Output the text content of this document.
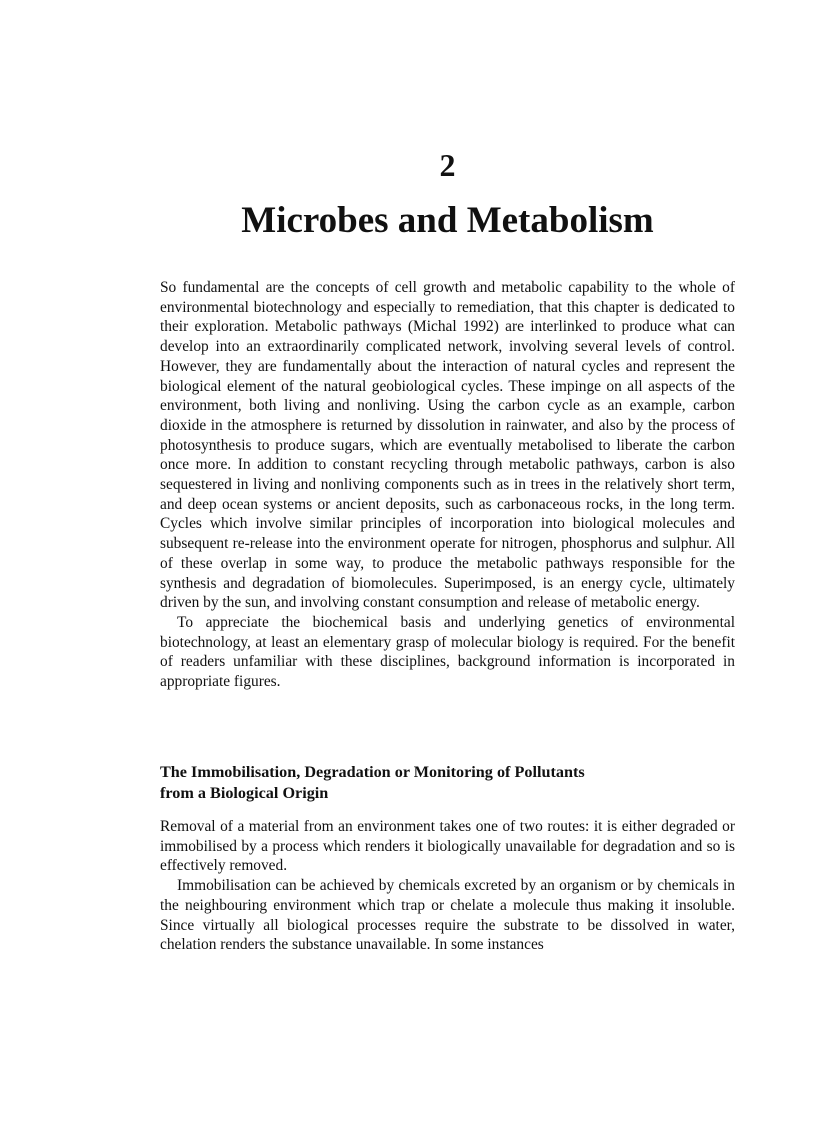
2
Microbes and Metabolism

So fundamental are the concepts of cell growth and metabolic capability to the whole of environmental biotechnology and especially to remediation, that this chapter is dedicated to their exploration. Metabolic pathways (Michal 1992) are interlinked to produce what can develop into an extraordinarily complicated network, involving several levels of control. However, they are fundamentally about the interaction of natural cycles and represent the biological element of the natural geobiological cycles. These impinge on all aspects of the environment, both living and nonliving. Using the carbon cycle as an example, carbon dioxide in the atmosphere is returned by dissolution in rainwater, and also by the process of photosynthesis to produce sugars, which are eventually metabolised to liberate the carbon once more. In addition to constant recycling through metabolic pathways, carbon is also sequestered in living and nonliving components such as in trees in the relatively short term, and deep ocean systems or ancient deposits, such as carbonaceous rocks, in the long term. Cycles which involve similar principles of incorporation into biological molecules and subsequent re-release into the environment operate for nitrogen, phosphorus and sulphur. All of these overlap in some way, to produce the metabolic pathways responsible for the synthesis and degradation of biomolecules. Superimposed, is an energy cycle, ultimately driven by the sun, and involving constant consumption and release of metabolic energy.

To appreciate the biochemical basis and underlying genetics of environmental biotechnology, at least an elementary grasp of molecular biology is required. For the benefit of readers unfamiliar with these disciplines, background information is incorporated in appropriate figures.

The Immobilisation, Degradation or Monitoring of Pollutants
from a Biological Origin

Removal of a material from an environment takes one of two routes: it is either degraded or immobilised by a process which renders it biologically unavailable for degradation and so is effectively removed.

Immobilisation can be achieved by chemicals excreted by an organism or by chemicals in the neighbouring environment which trap or chelate a molecule thus making it insoluble. Since virtually all biological processes require the substrate to be dissolved in water, chelation renders the substance unavailable. In some instances
